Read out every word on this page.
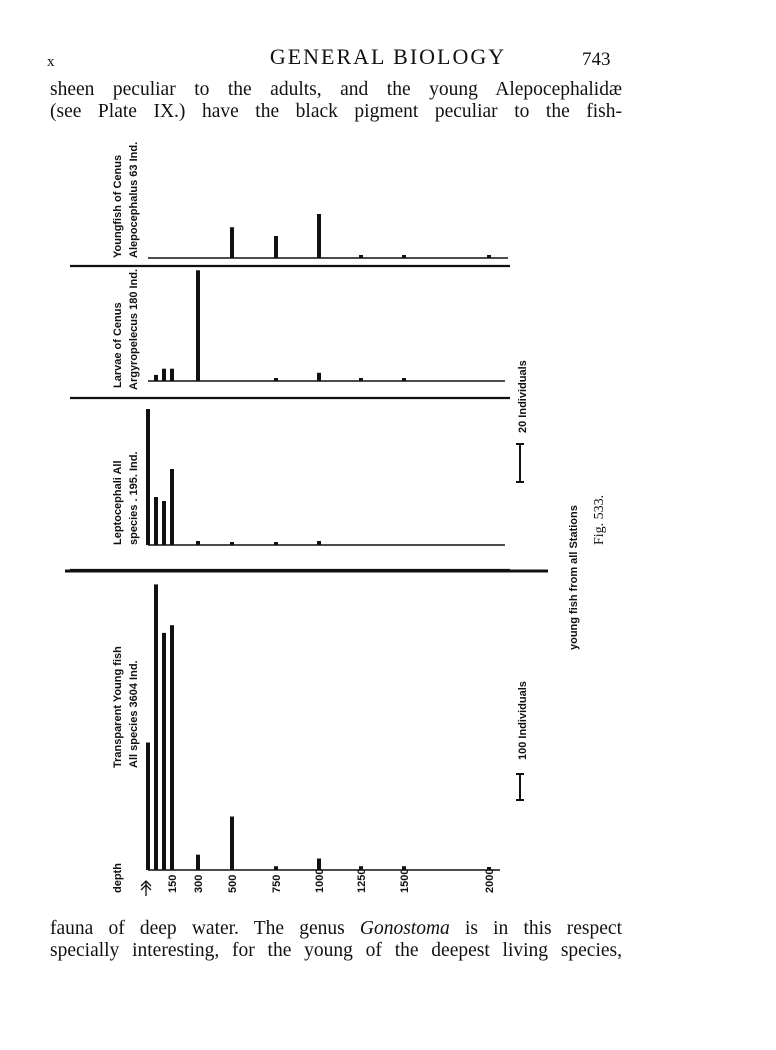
x	GENERAL BIOLOGY	743
sheen peculiar to the adults, and the young Alepocephalidæ
(see Plate IX.) have the black pigment peculiar to the fish-
150 300 500	750	1000	1250	1500	2000
Youngfish of Cenus Alepocephalus 63 Ind.
Larvae of Cenus Argyropelecus 180 Ind.
Leptocephali All species . 195. Ind.
Transparent Young fish All species 3604 Ind.
depth
20 Individuals
100 Individuals
young fish from all Stations Fig. 533.
fauna of deep water. The genus Gonostoma is in this respect
specially interesting, for the young of the deepest living species,
